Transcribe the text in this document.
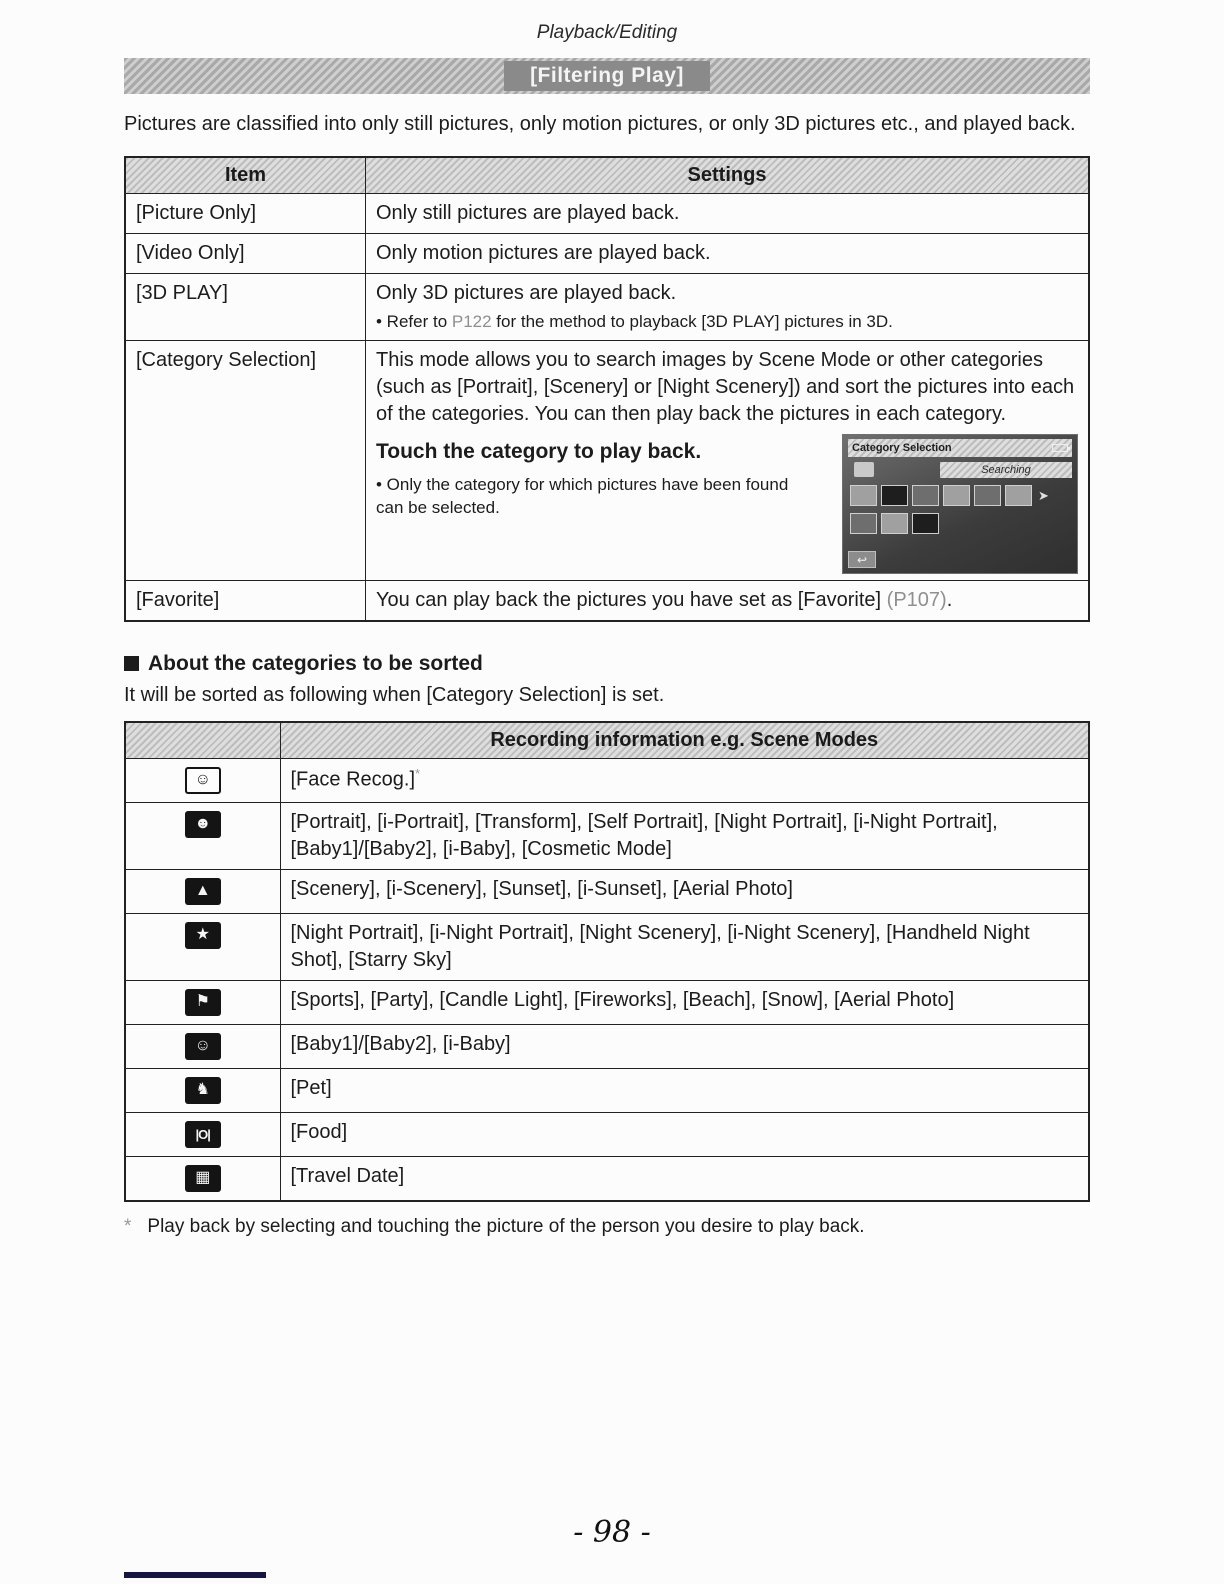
Playback/Editing
[Filtering Play]

Pictures are classified into only still pictures, only motion pictures, or only 3D pictures etc., and played back.

Item	Settings
[Picture Only]	Only still pictures are played back.
[Video Only]	Only motion pictures are played back.
[3D PLAY]	Only 3D pictures are played back.
• Refer to P122 for the method to playback [3D PLAY] pictures in 3D.

[Category Selection]	This mode allows you to search images by Scene Mode or other categories (such as [Portrait], [Scenery] or [Night Scenery]) and sort the pictures into each of the categories. You can then play back the pictures in each category.
Touch the category to play back.
• Only the category for which pictures have been found can be selected.
Category Selection
Searching
➤
↩

[Favorite]	You can play back the pictures you have set as [Favorite] (P107).
About the categories to be sorted
It will be sorted as following when [Category Selection] is set.
	Recording information e.g. Scene Modes

☺	[Face Recog.]*

☻	[Portrait], [i-Portrait], [Transform], [Self Portrait], [Night Portrait], [i-Night Portrait], [Baby1]/[Baby2], [i-Baby], [Cosmetic Mode]

▲	[Scenery], [i-Scenery], [Sunset], [i-Sunset], [Aerial Photo]

★	[Night Portrait], [i-Night Portrait], [Night Scenery], [i-Night Scenery], [Handheld Night Shot], [Starry Sky]

⚑	[Sports], [Party], [Candle Light], [Fireworks], [Beach], [Snow], [Aerial Photo]

☺	[Baby1]/[Baby2], [i-Baby]

♞	[Pet]

|O|	[Food]

▦	[Travel Date]
* Play back by selecting and touching the picture of the person you desire to play back.
- 98 -
